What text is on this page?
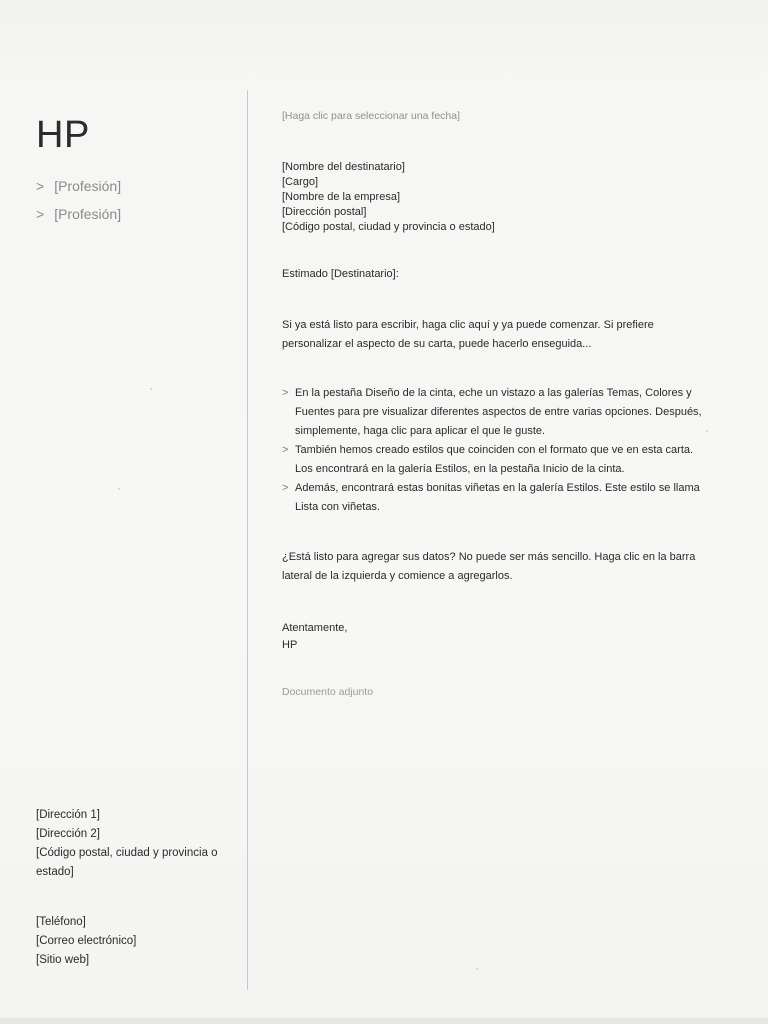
HP
> [Profesión]
> [Profesión]
[Dirección 1]
[Dirección 2]
[Código postal, ciudad y provincia o estado]
[Teléfono]
[Correo electrónico]
[Sitio web]
[Haga clic para seleccionar una fecha]
[Nombre del destinatario]
[Cargo]
[Nombre de la empresa]
[Dirección postal]
[Código postal, ciudad y provincia o estado]
Estimado [Destinatario]:
Si ya está listo para escribir, haga clic aquí y ya puede comenzar. Si prefiere personalizar el aspecto de su carta, puede hacerlo enseguida...
> En la pestaña Diseño de la cinta, eche un vistazo a las galerías Temas, Colores y Fuentes para pre visualizar diferentes aspectos de entre varias opciones. Después, simplemente, haga clic para aplicar el que le guste.
> También hemos creado estilos que coinciden con el formato que ve en esta carta. Los encontrará en la galería Estilos, en la pestaña Inicio de la cinta.
> Además, encontrará estas bonitas viñetas en la galería Estilos. Este estilo se llama Lista con viñetas.
¿Está listo para agregar sus datos? No puede ser más sencillo. Haga clic en la barra lateral de la izquierda y comience a agregarlos.
Atentamente,
HP
Documento adjunto
